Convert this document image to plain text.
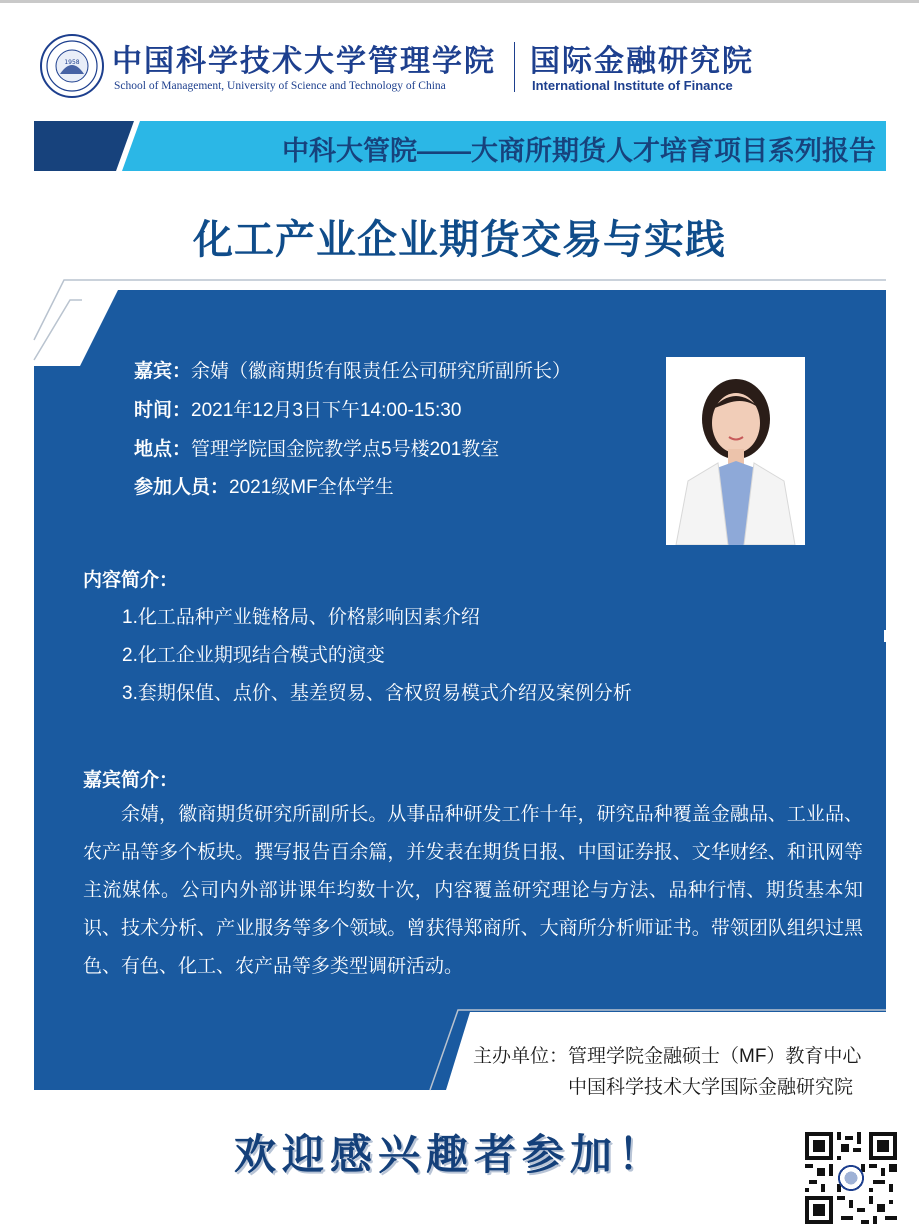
1958 中国科学技术大学管理学院
School of Management, University of Science and Technology of China
国际金融研究院
International Institute of Finance
中科大管院——大商所期货人才培育项目系列报告
化工产业企业期货交易与实践
嘉宾：余婧（徽商期货有限责任公司研究所副所长）
时间：2021年12月3日下午14:00-15:30
地点：管理学院国金院教学点5号楼201教室
参加人员：2021级MF全体学生
内容简介：
1.化工品种产业链格局、价格影响因素介绍
2.化工企业期现结合模式的演变
3.套期保值、点价、基差贸易、含权贸易模式介绍及案例分析
嘉宾简介：

余婧，徽商期货研究所副所长。从事品种研发工作十年，研究品种覆盖金融品、工业品、农产品等多个板块。撰写报告百余篇，并发表在期货日报、中国证券报、文华财经、和讯网等主流媒体。公司内外部讲课年均数十次，内容覆盖研究理论与方法、品种行情、期货基本知识、技术分析、产业服务等多个领域。曾获得郑商所、大商所分析师证书。带领团队组织过黑色、有色、化工、农产品等多类型调研活动。

主办单位： 管理学院金融硕士（MF）教育中心
中国科学技术大学国际金融研究院
欢迎感兴趣者参加！
